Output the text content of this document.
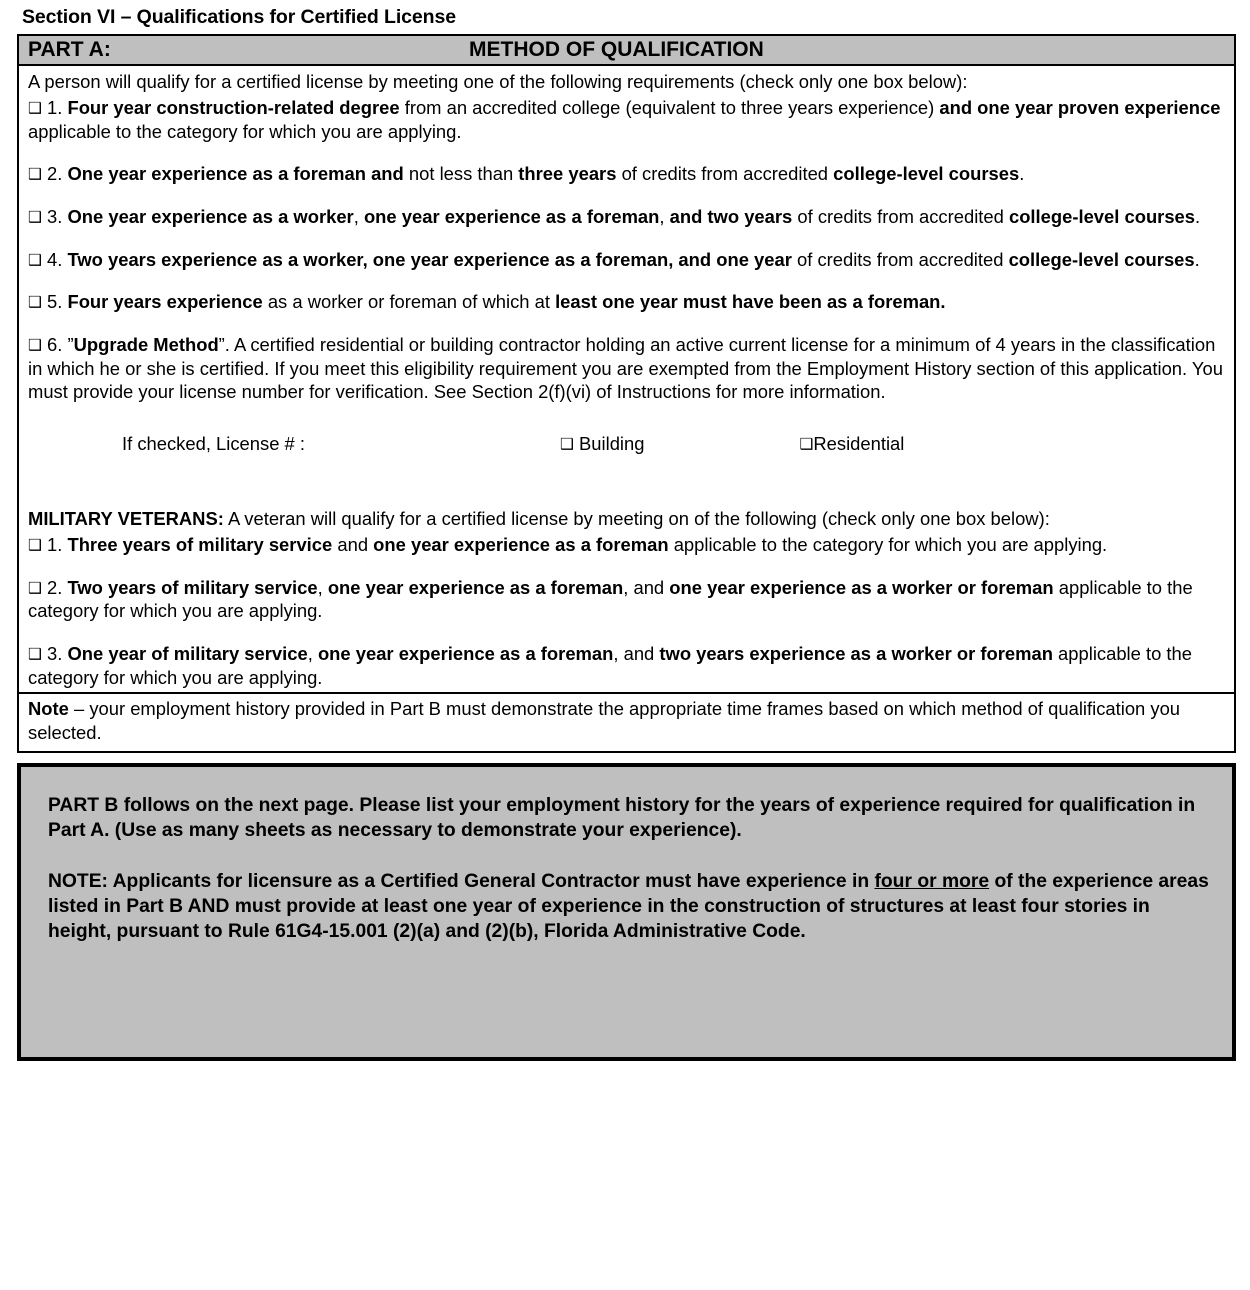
Section VI – Qualifications for Certified License
PART A:	METHOD OF QUALIFICATION

A person will qualify for a certified license by meeting one of the following requirements (check only one box below):

❑ 1. Four year construction-related degree from an accredited college (equivalent to three years experience) and one year proven experience applicable to the category for which you are applying.

❑ 2. One year experience as a foreman and not less than three years of credits from accredited college-level courses.

❑ 3. One year experience as a worker, one year experience as a foreman, and two years of credits from accredited college-level courses.

❑ 4. Two years experience as a worker, one year experience as a foreman, and one year of credits from accredited college-level courses.

❑ 5. Four years experience as a worker or foreman of which at least one year must have been as a foreman.

❑ 6. ”Upgrade Method”. A certified residential or building contractor holding an active current license for a minimum of 4 years in the classification in which he or she is certified. If you meet this eligibility requirement you are exempted from the Employment History section of this application. You must provide your license number for verification. See Section 2(f)(vi) of Instructions for more information.

If checked, License # :	❑ Building	❑Residential

MILITARY VETERANS: A veteran will qualify for a certified license by meeting on of the following (check only one box below):

❑ 1. Three years of military service and one year experience as a foreman applicable to the category for which you are applying.

❑ 2. Two years of military service, one year experience as a foreman, and one year experience as a worker or foreman applicable to the category for which you are applying.

❑ 3. One year of military service, one year experience as a foreman, and two years experience as a worker or foreman applicable to the category for which you are applying.

Note – your employment history provided in Part B must demonstrate the appropriate time frames based on which method of qualification you selected.

PART B follows on the next page. Please list your employment history for the years of experience required for qualification in Part A. (Use as many sheets as necessary to demonstrate your experience).

NOTE: Applicants for licensure as a Certified General Contractor must have experience in four or more of the experience areas listed in Part B AND must provide at least one year of experience in the construction of structures at least four stories in height, pursuant to Rule 61G4-15.001 (2)(a) and (2)(b), Florida Administrative Code.
